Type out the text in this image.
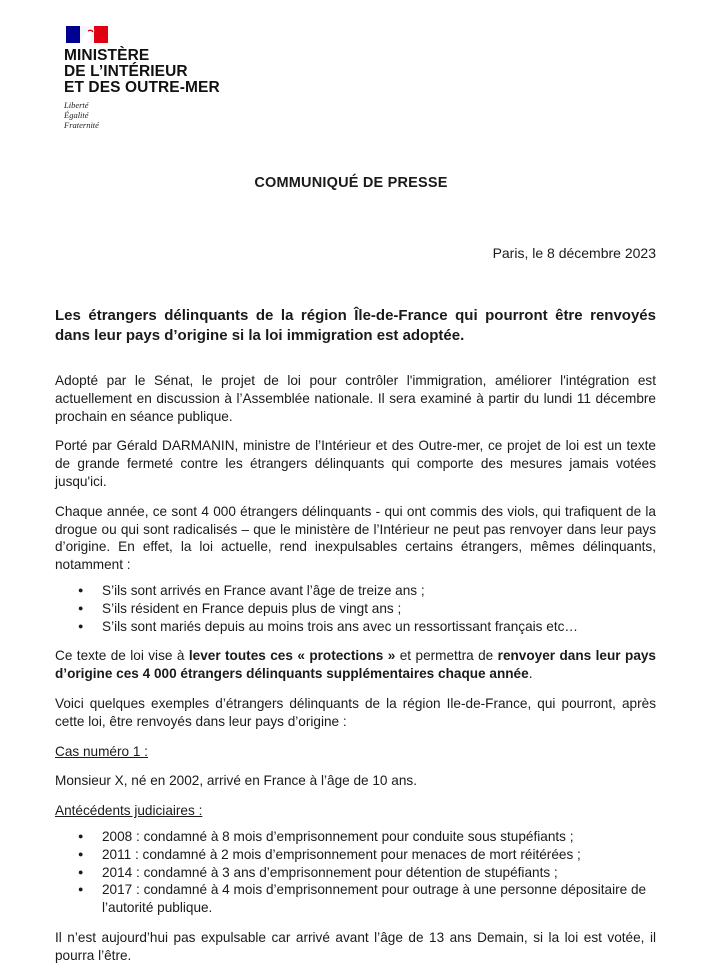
MINISTÈRE
DE L’INTÉRIEUR
ET DES OUTRE-MER
Liberté
Égalité
Fraternité
COMMUNIQUÉ DE PRESSE
Paris, le 8 décembre 2023
Les étrangers délinquants de la région Île-de-France qui pourront être renvoyés dans leur pays d’origine si la loi immigration est adoptée.

Adopté par le Sénat, le projet de loi pour contrôler l'immigration, améliorer l'intégration est actuellement en discussion à l’Assemblée nationale. Il sera examiné à partir du lundi 11 décembre prochain en séance publique.

Porté par Gérald DARMANIN, ministre de l’Intérieur et des Outre-mer, ce projet de loi est un texte de grande fermeté contre les étrangers délinquants qui comporte des mesures jamais votées jusqu'ici.

Chaque année, ce sont 4 000 étrangers délinquants - qui ont commis des viols, qui trafiquent de la drogue ou qui sont radicalisés – que le ministère de l’Intérieur ne peut pas renvoyer dans leur pays d’origine. En effet, la loi actuelle, rend inexpulsables certains étrangers, mêmes délinquants, notamment :

● S’ils sont arrivés en France avant l’âge de treize ans ;
● S’ils résident en France depuis plus de vingt ans ;
● S’ils sont mariés depuis au moins trois ans avec un ressortissant français etc…

Ce texte de loi vise à lever toutes ces « protections » et permettra de renvoyer dans leur pays d’origine ces 4 000 étrangers délinquants supplémentaires chaque année.

Voici quelques exemples d’étrangers délinquants de la région Ile-de-France, qui pourront, après cette loi, être renvoyés dans leur pays d’origine :

Cas numéro 1 :

Monsieur X, né en 2002, arrivé en France à l’âge de 10 ans.

Antécédents judiciaires :

● 2008 : condamné à 8 mois d’emprisonnement pour conduite sous stupéfiants ;
● 2011 : condamné à 2 mois d’emprisonnement pour menaces de mort réitérées ;
● 2014 : condamné à 3 ans d’emprisonnement pour détention de stupéfiants ;
● 2017 : condamné à 4 mois d’emprisonnement pour outrage à une personne dépositaire de l’autorité publique.

Il n’est aujourd’hui pas expulsable car arrivé avant l’âge de 13 ans Demain, si la loi est votée, il pourra l’être.
